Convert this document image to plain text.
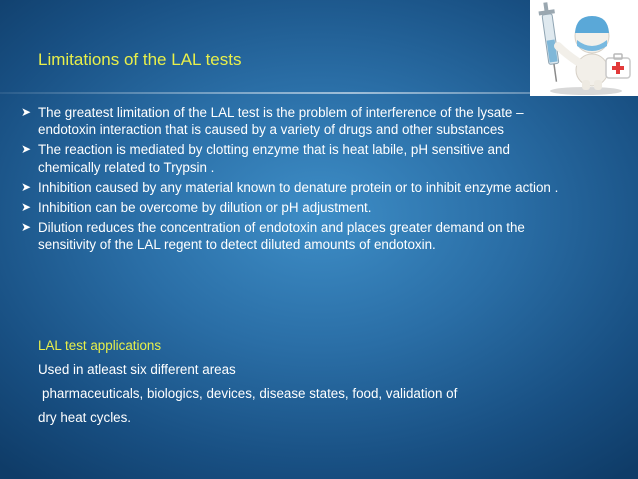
Limitations of the LAL tests
➤ The greatest limitation of the LAL test is the problem of interference of the lysate –endotoxin interaction that is caused by a variety of drugs and other substances
➤ The reaction is mediated by clotting enzyme that is heat labile, pH sensitive and chemically related to Trypsin .
➤ Inhibition caused by any material known to denature protein or to inhibit enzyme action .
➤ Inhibition can be overcome by dilution or pH adjustment.
➤ Dilution reduces the concentration of endotoxin and places greater demand on the sensitivity of the LAL regent to detect diluted amounts of endotoxin.
LAL test applications
Used in atleast six different areas
pharmaceuticals, biologics, devices, disease states, food, validation of
dry heat cycles.
